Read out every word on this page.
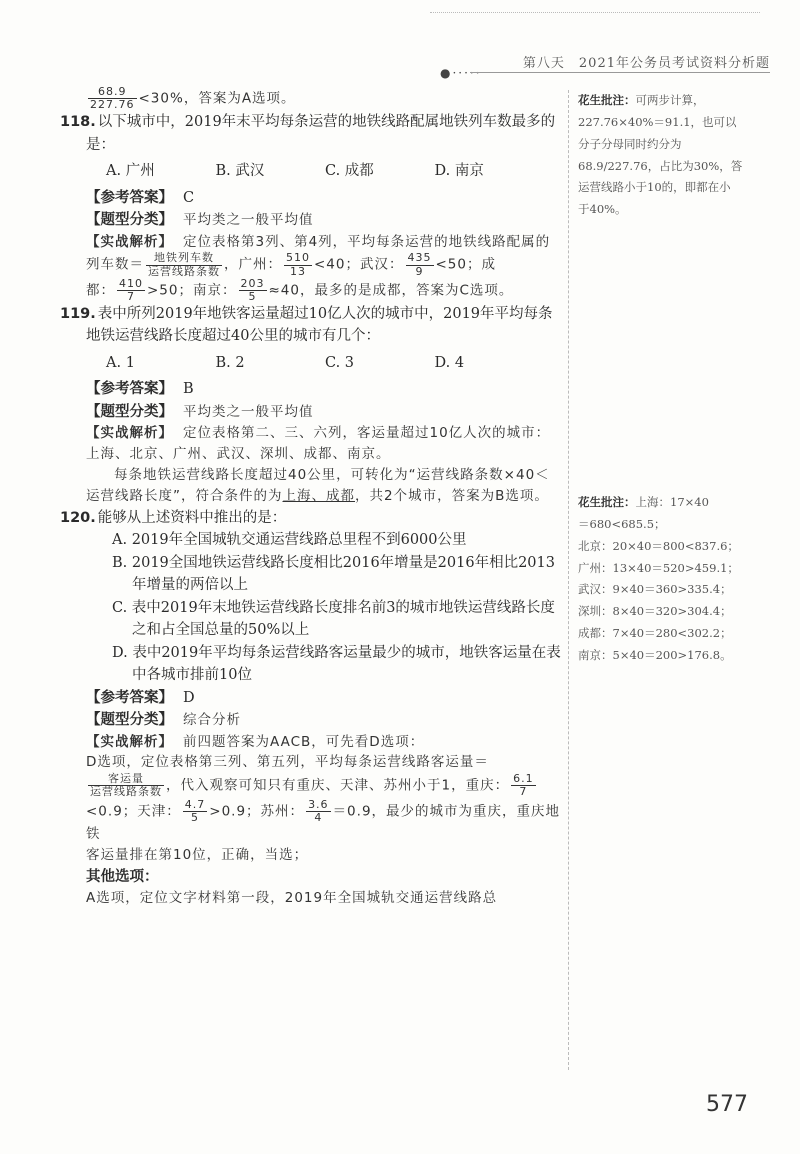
第八天　2021年公务员考试资料分析题
●·····

$\frac{68.9}{227.76} <30\%$，答案为A选项。

118. 以下城市中，2019年末平均每条运营的地铁线路配属地铁列车数最多的是：

A. 广州	B. 武汉	C. 成都	D. 南京

【参考答案】 C

【题型分类】 平均类之一般平均值

【实战解析】 定位表格第3列、第4列，平均每条运营的地铁线路配属的列车数＝ $\frac{\text{地铁列车数}}{\text{运营线路条数}}$ ，广州： $\frac{510}{13} <40$；武汉： $\frac{435}{9} <50$；成
都： $\frac{410}{7} >50$；南京： $\frac{203}{5} \approx 40$，最多的是成都，答案为C选项。

119. 表中所列2019年地铁客运量超过10亿人次的城市中，2019年平均每条地铁运营线路长度超过40公里的城市有几个：

A. 1	B. 2	C. 3	D. 4

【参考答案】 B

【题型分类】 平均类之一般平均值

【实战解析】 定位表格第二、三、六列，客运量超过10亿人次的城市：上海、北京、广州、武汉、深圳、成都、南京。

每条地铁运营线路长度超过40公里，可转化为“运营线路条数×40＜运营线路长度”，符合条件的为上海、成都，共2个城市，答案为B选项。

120. 能够从上述资料中推出的是：

A. 2019年全国城轨交通运营线路总里程不到6000公里

B. 2019全国地铁运营线路长度相比2016年增量是2016年相比2013年增量的两倍以上

C. 表中2019年末地铁运营线路长度排名前3的城市地铁运营线路长度之和占全国总量的50%以上

D. 表中2019年平均每条运营线路客运量最少的城市，地铁客运量在表中各城市排前10位

【参考答案】 D

【题型分类】 综合分析

【实战解析】 前四题答案为AACB，可先看D选项：

D选项，定位表格第三列、第五列，平均每条运营线路客运量＝
$\frac{\text{客运量}}{\text{运营线路条数}}$ ，代入观察可知只有重庆、天津、苏州小于1，重庆： $\frac{6.1}{7}$

<0.9；天津： $\frac{4.7}{5} >0.9$；苏州： $\frac{3.6}{4} =0.9$，最少的城市为重庆，重庆地铁
客运量排在第10位，正确，当选；

其他选项：

A选项，定位文字材料第一段，2019年全国城轨交通运营线路总

花生批注：可两步计算，

227.76×40%＝91.1，也可以

分子分母同时约分为

68.9/227.76，占比为30%，答

运营线路小于10的，即都在小

于40%。

花生批注：上海：17×40

＝680<685.5；

北京：20×40＝800<837.6；

广州：13×40＝520>459.1；

武汉：9×40＝360>335.4；

深圳：8×40＝320>304.4；

成都：7×40＝280<302.2；

南京：5×40＝200>176.8。

577
